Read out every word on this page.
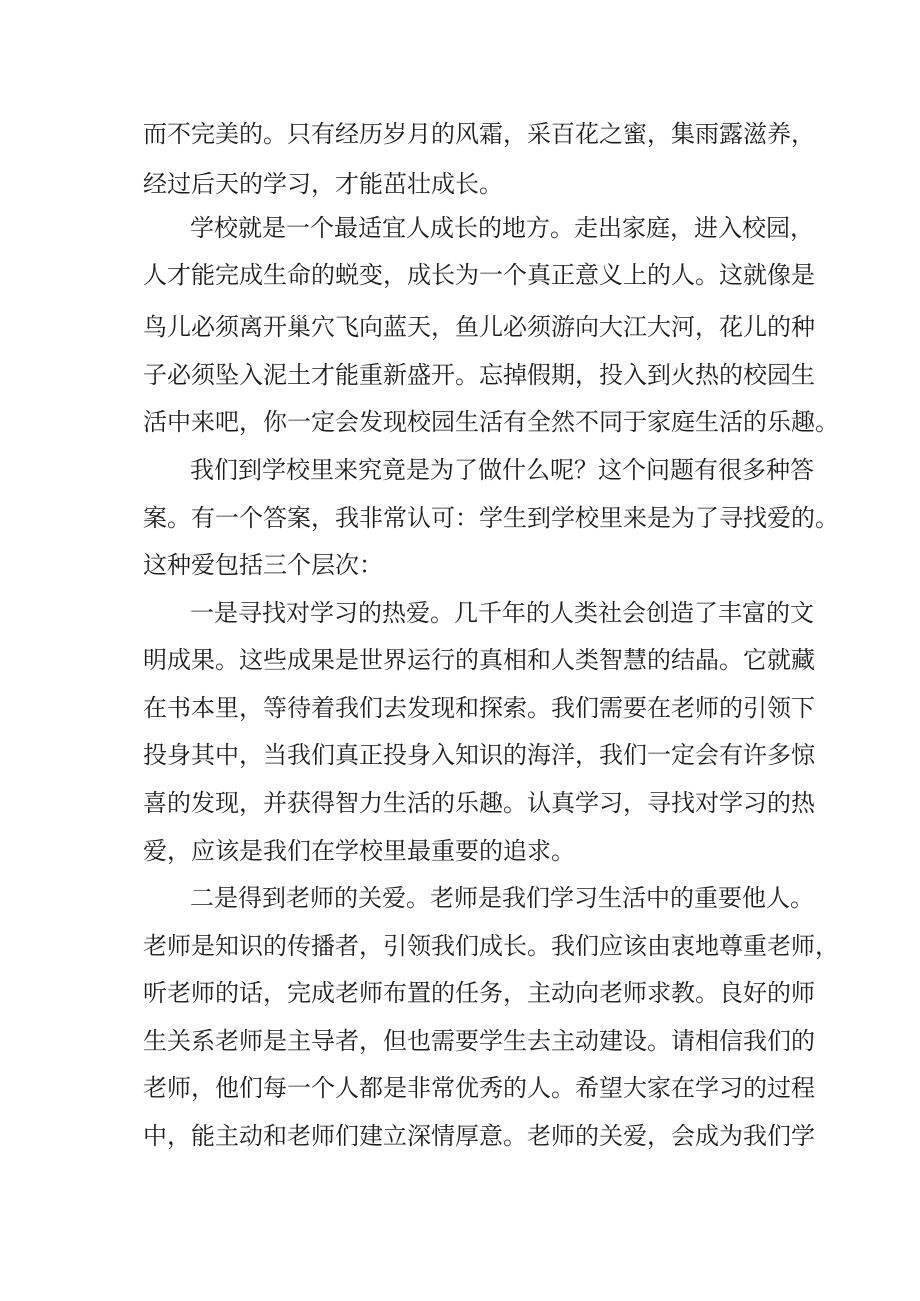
而不完美的。只有经历岁月的风霜，采百花之蜜，集雨露滋养，
经过后天的学习，才能茁壮成长。
学校就是一个最适宜人成长的地方。走出家庭，进入校园，
人才能完成生命的蜕变，成长为一个真正意义上的人。这就像是
鸟儿必须离开巢穴飞向蓝天，鱼儿必须游向大江大河，花儿的种
子必须坠入泥土才能重新盛开。忘掉假期，投入到火热的校园生
活中来吧，你一定会发现校园生活有全然不同于家庭生活的乐趣。
我们到学校里来究竟是为了做什么呢？这个问题有很多种答
案。有一个答案，我非常认可：学生到学校里来是为了寻找爱的。
这种爱包括三个层次：
一是寻找对学习的热爱。几千年的人类社会创造了丰富的文
明成果。这些成果是世界运行的真相和人类智慧的结晶。它就藏
在书本里，等待着我们去发现和探索。我们需要在老师的引领下
投身其中，当我们真正投身入知识的海洋，我们一定会有许多惊
喜的发现，并获得智力生活的乐趣。认真学习，寻找对学习的热
爱，应该是我们在学校里最重要的追求。
二是得到老师的关爱。老师是我们学习生活中的重要他人。
老师是知识的传播者，引领我们成长。我们应该由衷地尊重老师，
听老师的话，完成老师布置的任务，主动向老师求教。良好的师
生关系老师是主导者，但也需要学生去主动建设。请相信我们的
老师，他们每一个人都是非常优秀的人。希望大家在学习的过程
中，能主动和老师们建立深情厚意。老师的关爱，会成为我们学
